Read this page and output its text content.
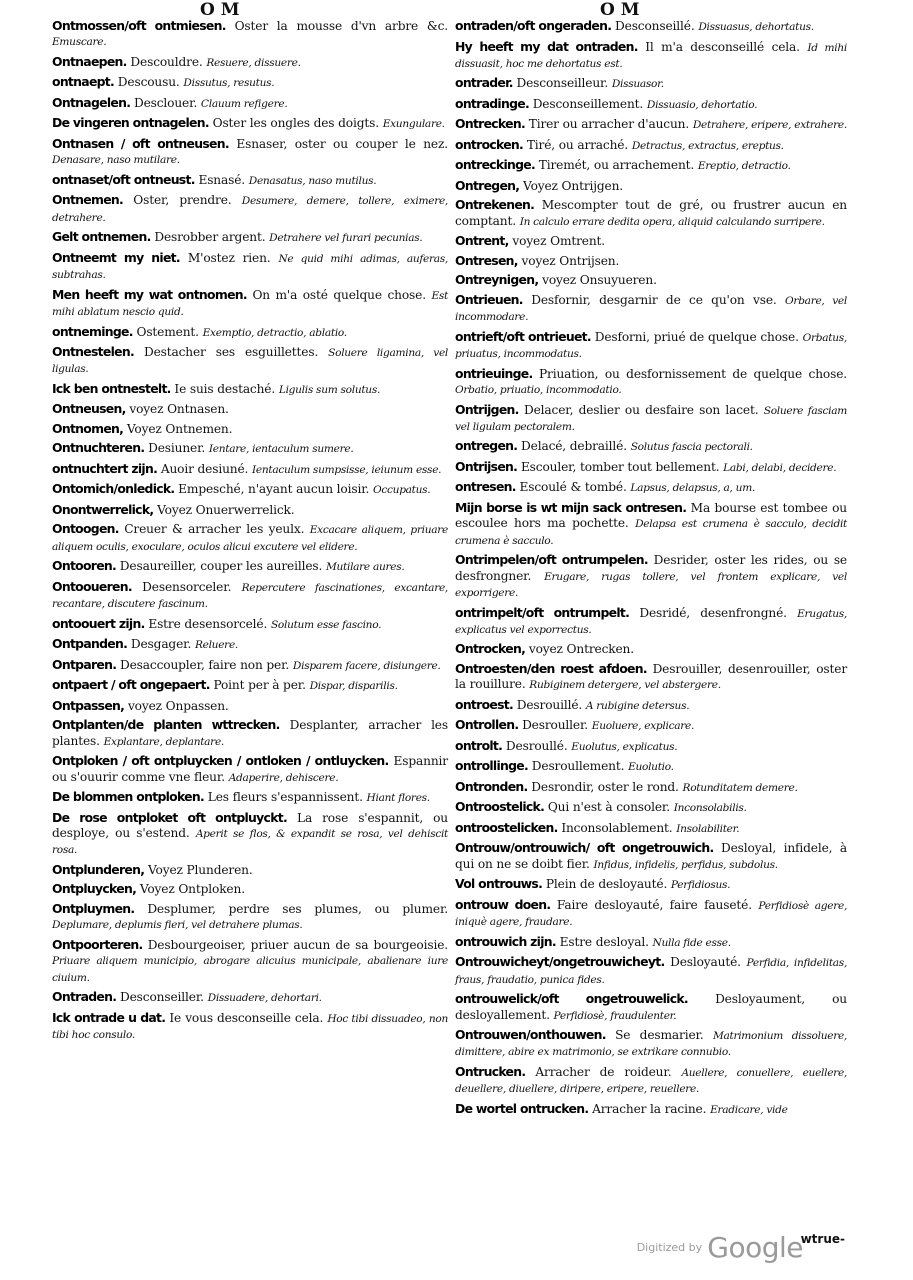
O M	O M

Ontmossen/oft ontmiesen. Oster la mousse d'vn arbre &c. Emuscare.

Ontnaepen. Descouldre. Resuere, dissuere.

ontnaept. Descousu. Dissutus, resutus.

Ontnagelen. Desclouer. Clauum refigere.

De vingeren ontnagelen. Oster les ongles des doigts. Exungulare.

Ontnasen / oft ontneusen. Esnaser, oster ou couper le nez. Denasare, naso mutilare.

ontnaset/oft ontneust. Esnasé. Denasatus, naso mutilus.

Ontnemen. Oster, prendre. Desumere, demere, tollere, eximere, detrahere.

Gelt ontnemen. Desrobber argent. Detrahere vel furari pecunias.

Ontneemt my niet. M'ostez rien. Ne quid mihi adimas, auferas, subtrahas.

Men heeft my wat ontnomen. On m'a osté quelque chose. Est mihi ablatum nescio quid.

ontneminge. Ostement. Exemptio, detractio, ablatio.

Ontnestelen. Destacher ses esguillettes. Soluere ligamina, vel ligulas.

Ick ben ontnestelt. Ie suis destaché. Ligulis sum solutus.

Ontneusen, voyez Ontnasen.

Ontnomen, Voyez Ontnemen.

Ontnuchteren. Desiuner. Ientare, ientaculum sumere.

ontnuchtert zijn. Auoir desiuné. Ientaculum sumpsisse, ieiunum esse.

Ontomich/onledick. Empesché, n'ayant aucun loisir. Occupatus.

Onontwerrelick, Voyez Onuerwerrelick.

Ontoogen. Creuer & arracher les yeulx. Excacare aliquem, priuare aliquem oculis, exoculare, oculos alicui excutere vel elidere.

Ontooren. Desaureiller, couper les aureilles. Mutilare aures.

Ontooueren. Desensorceler. Repercutere fascinationes, excantare, recantare, discutere fascinum.

ontoouert zijn. Estre desensorcelé. Solutum esse fascino.

Ontpanden. Desgager. Reluere.

Ontparen. Desaccoupler, faire non per. Disparem facere, disiungere.

ontpaert / oft ongepaert. Point per à per. Dispar, disparilis.

Ontpassen, voyez Onpassen.

Ontplanten/de planten wttrecken. Desplanter, arracher les plantes. Explantare, deplantare.

Ontploken / oft ontpluycken / ontloken / ontluycken. Espannir ou s'ouurir comme vne fleur. Adaperire, dehiscere.

De blommen ontploken. Les fleurs s'espannissent. Hiant flores.

De rose ontploket oft ontpluyckt. La rose s'espannit, ou desploye, ou s'estend. Aperit se flos, & expandit se rosa, vel dehiscit rosa.

Ontplunderen, Voyez Plunderen.

Ontpluycken, Voyez Ontploken.

Ontpluymen. Desplumer, perdre ses plumes, ou plumer. Deplumare, deplumis fieri, vel detrahere plumas.

Ontpoorteren. Desbourgeoiser, priuer aucun de sa bourgeoisie. Priuare aliquem municipio, abrogare alicuius municipale, abalienare iure ciuium.

Ontraden. Desconseiller. Dissuadere, dehortari.

Ick ontrade u dat. Ie vous desconseille cela. Hoc tibi dissuadeo, non tibi hoc consulo.

ontraden/oft ongeraden. Desconseillé. Dissuasus, dehortatus.

Hy heeft my dat ontraden. Il m'a desconseillé cela. Id mihi dissuasit, hoc me dehortatus est.

ontrader. Desconseilleur. Dissuasor.

ontradinge. Desconseillement. Dissuasio, dehortatio.

Ontrecken. Tirer ou arracher d'aucun. Detrahere, eripere, extrahere.

ontrocken. Tiré, ou arraché. Detractus, extractus, ereptus.

ontreckinge. Tiremét, ou arrachement. Ereptio, detractio.

Ontregen, Voyez Ontrijgen.

Ontrekenen. Mescompter tout de gré, ou frustrer aucun en comptant. In calculo errare dedita opera, aliquid calculando surripere.

Ontrent, voyez Omtrent.

Ontresen, voyez Ontrijsen.

Ontreynigen, voyez Onsuyueren.

Ontrieuen. Desfornir, desgarnir de ce qu'on vse. Orbare, vel incommodare.

ontrieft/oft ontrieuet. Desforni, priué de quelque chose. Orbatus, priuatus, incommodatus.

ontrieuinge. Priuation, ou desfornissement de quelque chose. Orbatio, priuatio, incommodatio.

Ontrijgen. Delacer, deslier ou desfaire son lacet. Soluere fasciam vel ligulam pectoralem.

ontregen. Delacé, debraillé. Solutus fascia pectorali.

Ontrijsen. Escouler, tomber tout bellement. Labi, delabi, decidere.

ontresen. Escoulé & tombé. Lapsus, delapsus, a, um.

Mijn borse is wt mijn sack ontresen. Ma bourse est tombee ou escoulee hors ma pochette. Delapsa est crumena è sacculo, decidit crumena è sacculo.

Ontrimpelen/oft ontrumpelen. Desrider, oster les rides, ou se desfrongner. Erugare, rugas tollere, vel frontem explicare, vel exporrigere.

ontrimpelt/oft ontrumpelt. Desridé, desenfrongné. Erugatus, explicatus vel exporrectus.

Ontrocken, voyez Ontrecken.

Ontroesten/den roest afdoen. Desrouiller, desenrouiller, oster la rouillure. Rubiginem detergere, vel abstergere.

ontroest. Desrouillé. A rubigine detersus.

Ontrollen. Desrouller. Euoluere, explicare.

ontrolt. Desroullé. Euolutus, explicatus.

ontrollinge. Desroullement. Euolutio.

Ontronden. Desrondir, oster le rond. Rotunditatem demere.

Ontroostelick. Qui n'est à consoler. Inconsolabilis.

ontroostelicken. Inconsolablement. Insolabiliter.

Ontrouw/ontrouwich/ oft ongetrouwich. Desloyal, infidele, à qui on ne se doibt fier. Infidus, infidelis, perfidus, subdolus.

Vol ontrouws. Plein de desloyauté. Perfidiosus.

ontrouw doen. Faire desloyauté, faire fauseté. Perfidiosè agere, iniquè agere, fraudare.

ontrouwich zijn. Estre desloyal. Nulla fide esse.

Ontrouwicheyt/ongetrouwicheyt. Desloyauté. Perfidia, infidelitas, fraus, fraudatio, punica fides.

ontrouwelick/oft ongetrouwelick. Desloyaument, ou desloyallement. Perfidiosè, fraudulenter.

Ontrouwen/onthouwen. Se desmarier. Matrimonium dissoluere, dimittere, abire ex matrimonio, se extrikare connubio.

Ontrucken. Arracher de roideur. Auellere, conuellere, euellere, deuellere, diuellere, diripere, eripere, reuellere.

De wortel ontrucken. Arracher la racine. Eradicare, vide

wtrue-
Digitized by Google
